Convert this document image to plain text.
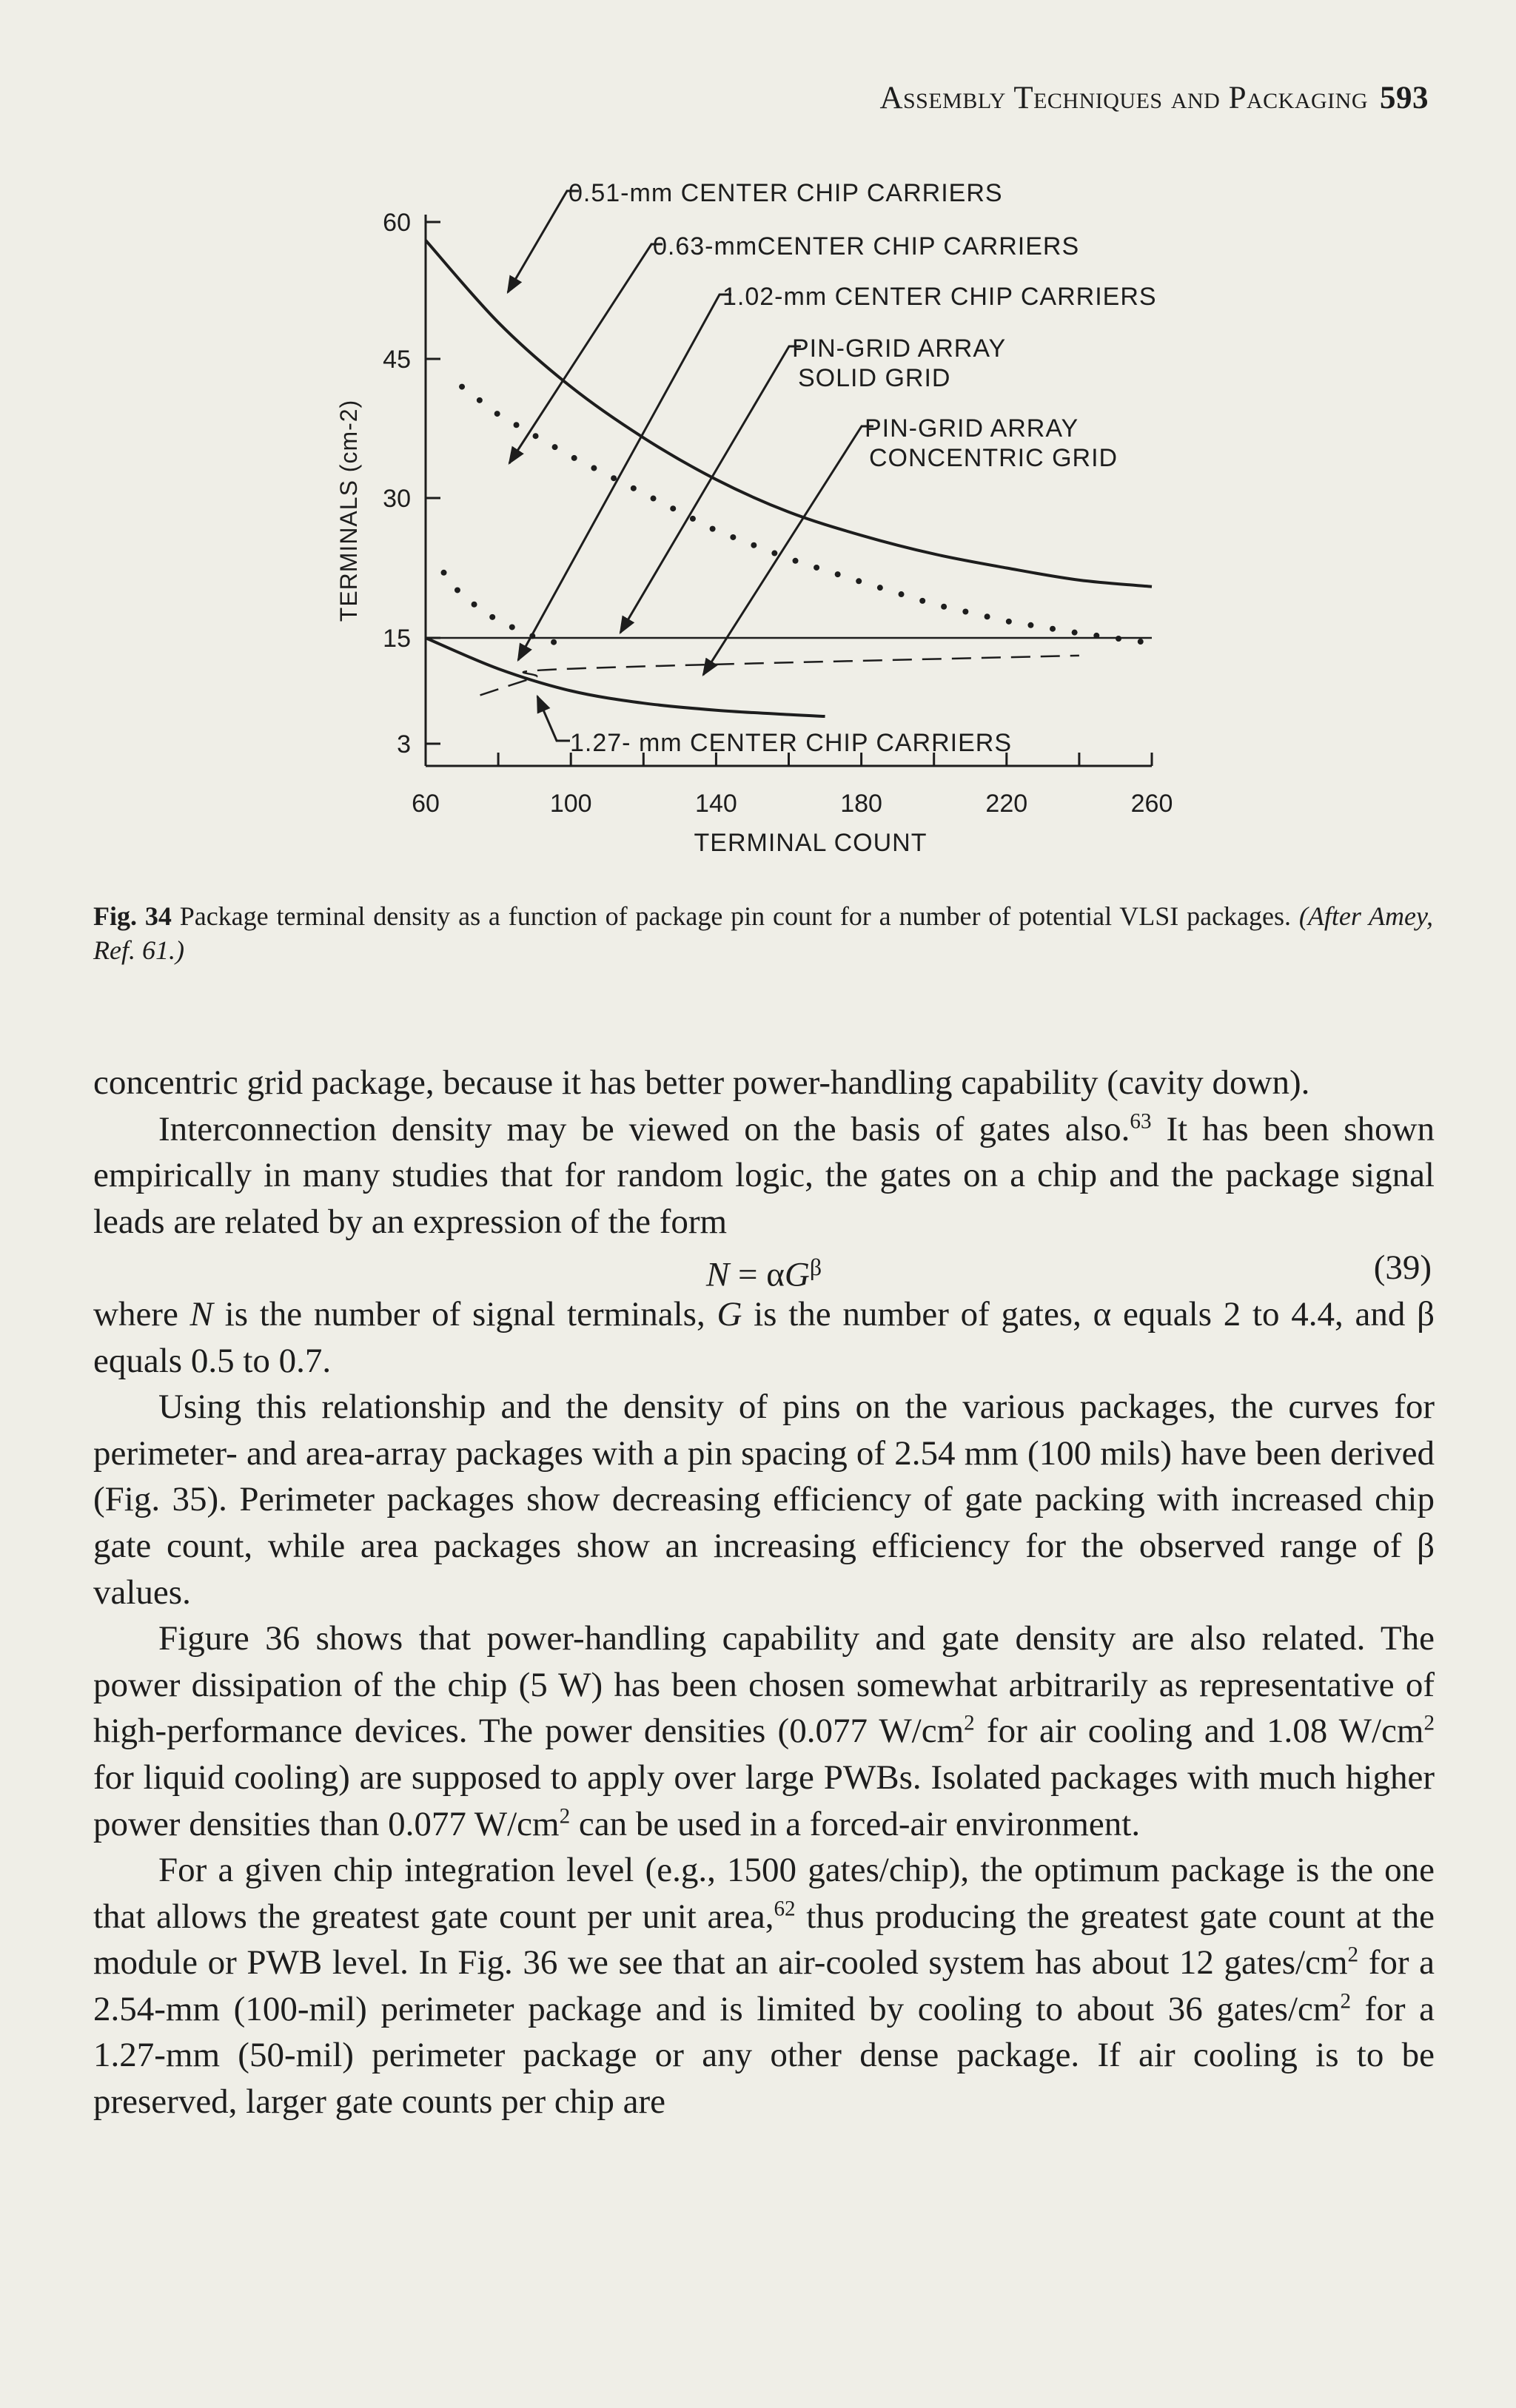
Assembly Techniques and Packaging 593
3
15
30
45
60
60	100	140	180	220	260
TERMINAL COUNT
TERMINALS (cm-2)
0.51-mm CENTER CHIP CARRIERS
0.63-mmCENTER CHIP CARRIERS
1.02-mm CENTER CHIP CARRIERS
PIN-GRID ARRAY
SOLID GRID
PIN-GRID ARRAY
CONCENTRIC GRID
1.27- mm CENTER CHIP CARRIERS
Fig. 34 Package terminal density as a function of package pin count for a number of potential VLSI packages. (After Amey, Ref. 61.)

concentric grid package, because it has better power-handling capability (cavity down).

Interconnection density may be viewed on the basis of gates also.$^{63}$ It has been shown empirically in many studies that for random logic, the gates on a chip and the package signal leads are related by an expression of the form

$N = \alpha G^\beta$	(39)

where N is the number of signal terminals, G is the number of gates, α equals 2 to 4.4, and β equals 0.5 to 0.7.

Using this relationship and the density of pins on the various packages, the curves for perimeter- and area-array packages with a pin spacing of 2.54 mm (100 mils) have been derived (Fig. 35). Perimeter packages show decreasing efficiency of gate packing with increased chip gate count, while area packages show an increasing efficiency for the observed range of β values.

Figure 36 shows that power-handling capability and gate density are also related. The power dissipation of the chip (5 W) has been chosen somewhat arbitrarily as representative of high-performance devices. The power densities (0.077 $W/cm^2$ for air cooling and 1.08 $W/cm^2$ for liquid cooling) are supposed to apply over large PWBs. Isolated packages with much higher power densities than 0.077 $W/cm^2$ can be used in a forced-air environment.

For a given chip integration level (e.g., 1500 gates/chip), the optimum package is the one that allows the greatest gate count per unit area,$^{62}$ thus producing the greatest gate count at the module or PWB level. In Fig. 36 we see that an air-cooled system has about 12 gates/$cm^2$ for a 2.54-mm (100-mil) perimeter package and is limited by cooling to about 36 gates/$cm^2$ for a 1.27-mm (50-mil) perimeter package or any other dense package. If air cooling is to be preserved, larger gate counts per chip are
